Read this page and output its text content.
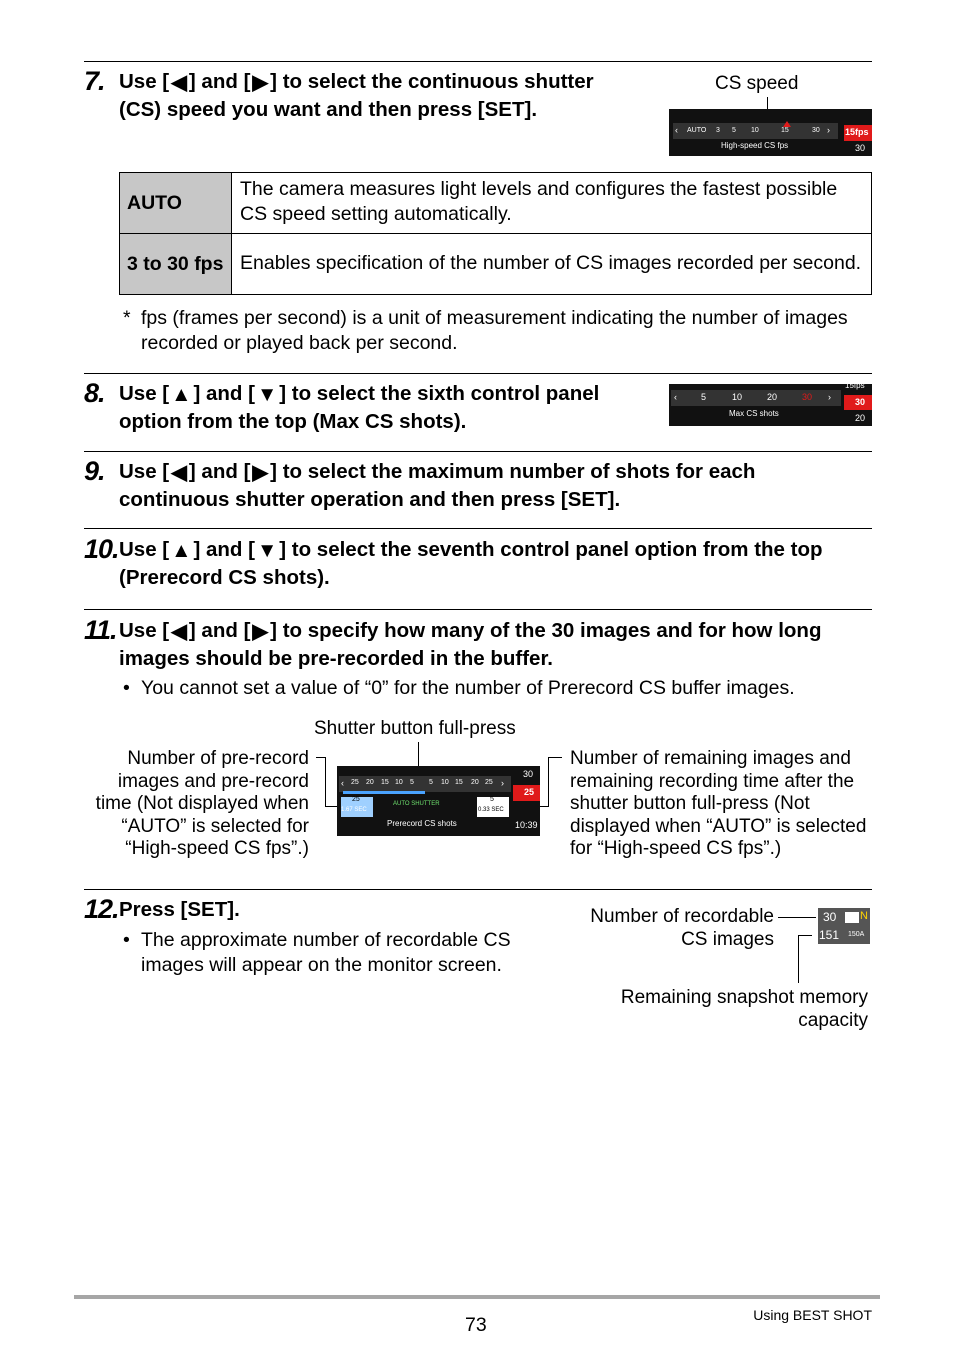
7. Use [◀] and [▶] to select the continuous shutter (CS) speed you want and then press [SET].
CS speed
‹ AUTO 3 5 10	15	30 › 15fps
30
High-speed CS fps
AUTO	The camera measures light levels and configures the fastest possible CS speed setting automatically.
3 to 30 fps	Enables specification of the number of CS images recorded per second.
* fps (frames per second) is a unit of measurement indicating the number of images recorded or played back per second.
8. Use [▲] and [▼] to select the sixth control panel option from the top (Max CS shots).
‹	5	10	20	30 ›
15fps
30
20
Max CS shots
9. Use [◀] and [▶] to select the maximum number of shots for each continuous shutter operation and then press [SET].
10. Use [▲] and [▼] to select the seventh control panel option from the top (Prerecord CS shots).
11. Use [◀] and [▶] to specify how many of the 30 images and for how long images should be pre-recorded in the buffer.
• You cannot set a value of “0” for the number of Prerecord CS buffer images.
Shutter button full-press
Number of pre-record images and pre-record time (Not displayed when “AUTO” is selected for “High-speed CS fps”.)
Number of remaining images and remaining recording time after the shutter button full-press (Not displayed when “AUTO” is selected for “High-speed CS fps”.)
‹ 25 20 15 10 5 5 10 15 20 25 ›
25
1.67 SEC
AUTO SHUTTER
5
0.33 SEC
Prerecord CS shots
30
25
10:39
12. Press [SET].
• The approximate number of recordable CS images will appear on the monitor screen.
Number of recordable CS images
Remaining snapshot memory capacity
30 N
151 150A
73	Using BEST SHOT
